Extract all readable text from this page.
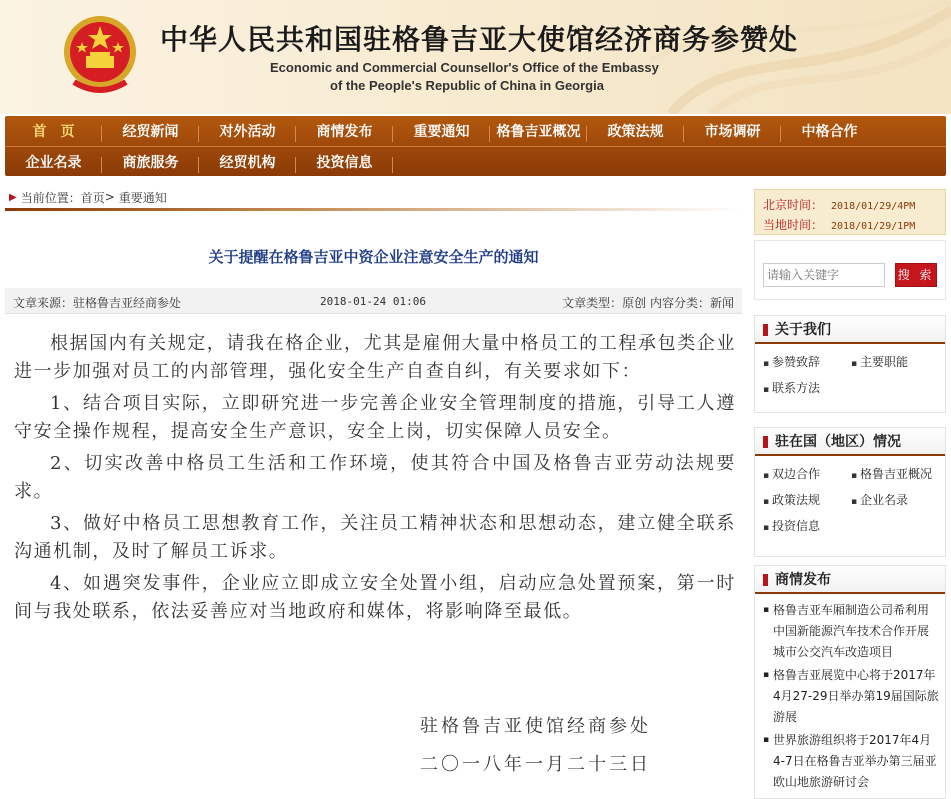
中华人民共和国驻格鲁吉亚大使馆经济商务参赞处
Economic and Commercial Counsellor's Office of the Embassy
of the People's Republic of China in Georgia
首　页	经贸新闻	对外活动	商情发布	重要通知	格鲁吉亚概况	政策法规	市场调研	中格合作
企业名录	商旅服务	经贸机构	投资信息
▶ 当前位置： 首页 > 重要通知
关于提醒在格鲁吉亚中资企业注意安全生产的通知
文章来源：驻格鲁吉亚经商参处	2018-01-24 01:06	文章类型：原创 内容分类：新闻

根据国内有关规定，请我在格企业，尤其是雇佣大量中格员工的工程承包类企业进一步加强对员工的内部管理，强化安全生产自查自纠，有关要求如下：

1、结合项目实际，立即研究进一步完善企业安全管理制度的措施，引导工人遵守安全操作规程，提高安全生产意识，安全上岗，切实保障人员安全。

2、切实改善中格员工生活和工作环境，使其符合中国及格鲁吉亚劳动法规要求。

3、做好中格员工思想教育工作，关注员工精神状态和思想动态，建立健全联系沟通机制，及时了解员工诉求。

4、如遇突发事件，企业应立即成立安全处置小组，启动应急处置预案，第一时间与我处联系，依法妥善应对当地政府和媒体，将影响降至最低。

驻格鲁吉亚使馆经商参处
二〇一八年一月二十三日
北京时间： 2018/01/29/4PM
当地时间： 2018/01/29/1PM
请输入关键字
搜 索
关于我们
▪ 参赞致辞	▪ 主要职能
▪ 联系方法
驻在国（地区）情况
▪ 双边合作	▪ 格鲁吉亚概况
▪ 政策法规	▪ 企业名录
▪ 投资信息
商情发布
▪ 格鲁吉亚车厢制造公司希利用中国新能源汽车技术合作开展城市公交汽车改造项目
▪ 格鲁吉亚展览中心将于2017年4月27-29日举办第19届国际旅游展
▪ 世界旅游组织将于2017年4月4-7日在格鲁吉亚举办第三届亚欧山地旅游研讨会
